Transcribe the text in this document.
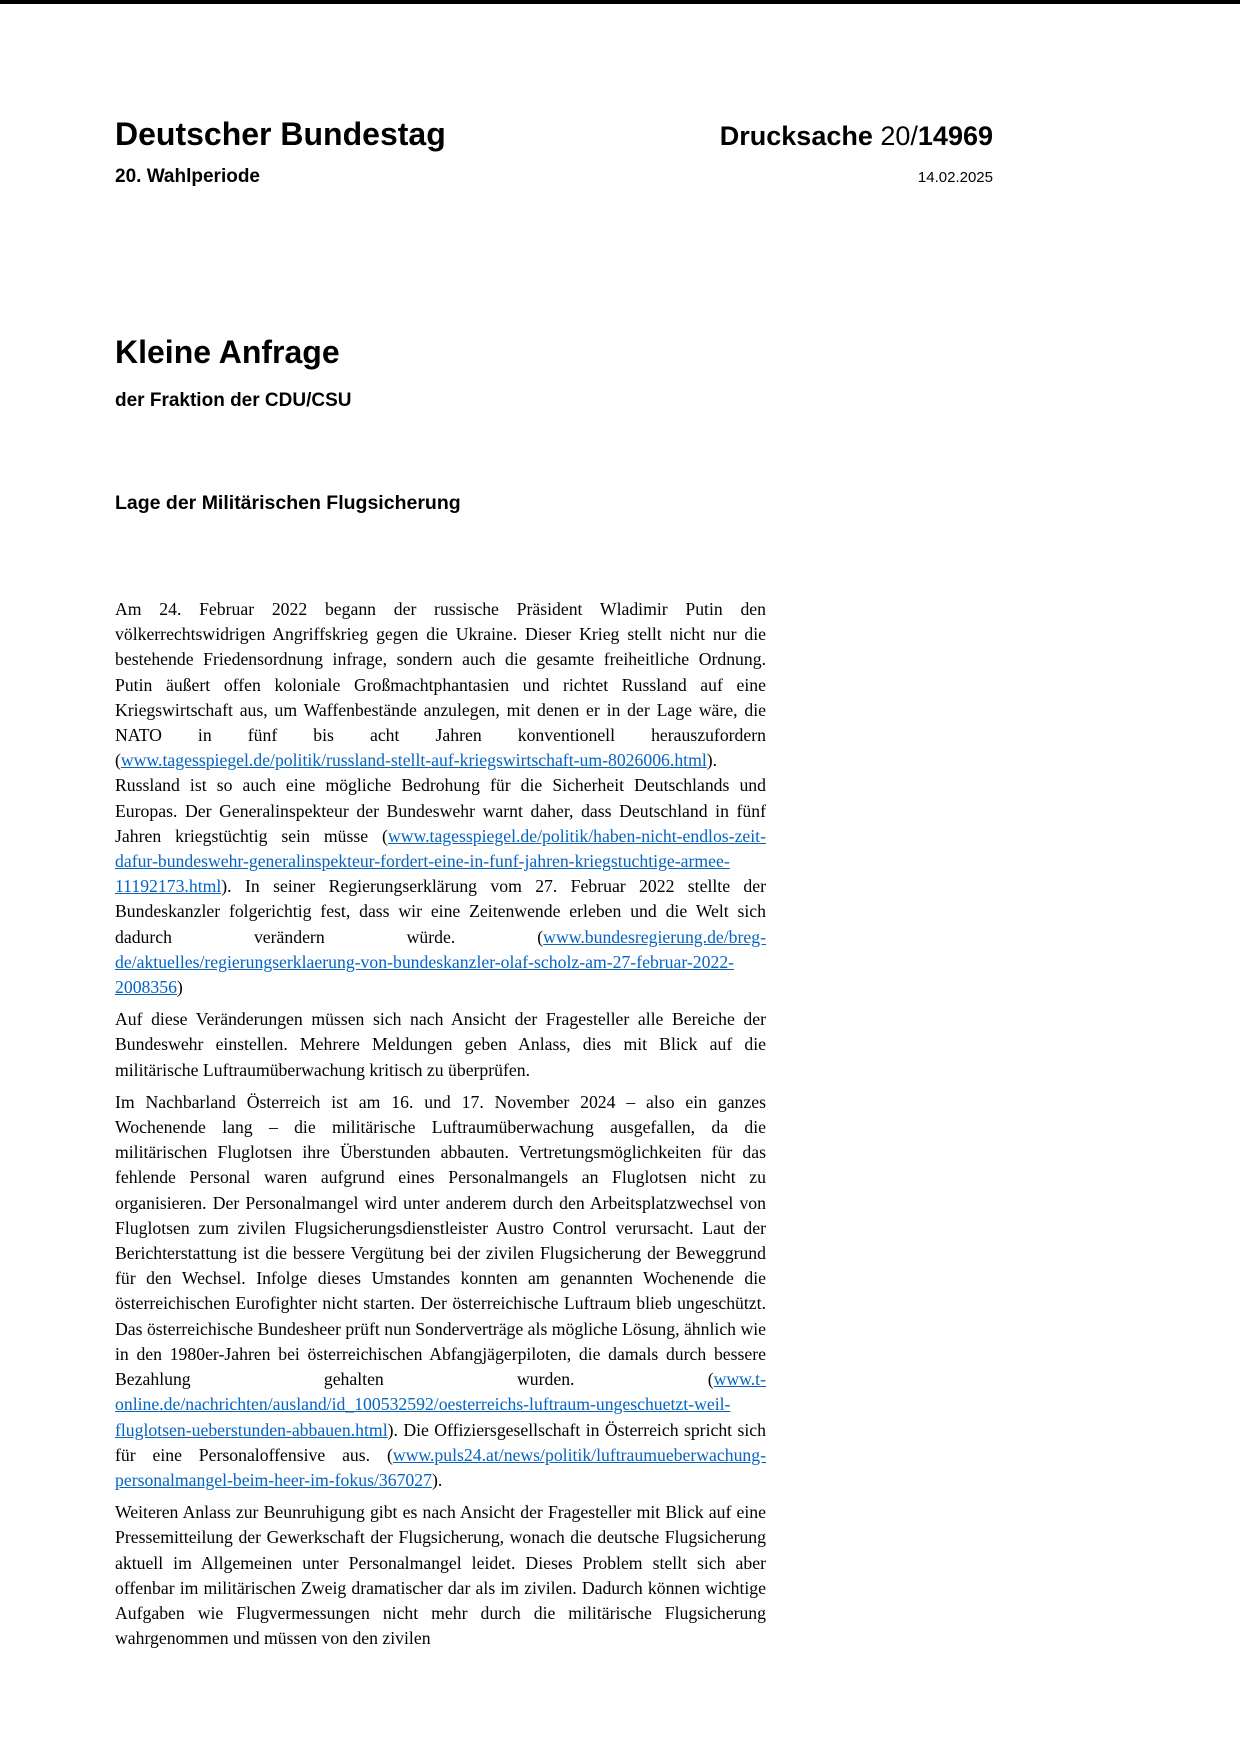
Deutscher Bundestag	Drucksache 20/14969
20. Wahlperiode	14.02.2025
Kleine Anfrage
der Fraktion der CDU/CSU
Lage der Militärischen Flugsicherung

Am 24. Februar 2022 begann der russische Präsident Wladimir Putin den völkerrechtswidrigen Angriffskrieg gegen die Ukraine. Dieser Krieg stellt nicht nur die bestehende Friedensordnung infrage, sondern auch die gesamte freiheitliche Ordnung. Putin äußert offen koloniale Großmachtphantasien und richtet Russland auf eine Kriegswirtschaft aus, um Waffenbestände anzulegen, mit denen er in der Lage wäre, die NATO in fünf bis acht Jahren konventionell herauszufordern (www.tagesspiegel.de/politik/russland-stellt-auf-kriegswirtschaft-um-8026006.html). Russland ist so auch eine mögliche Bedrohung für die Sicherheit Deutschlands und Europas. Der Generalinspekteur der Bundeswehr warnt daher, dass Deutschland in fünf Jahren kriegstüchtig sein müsse (www.tagesspiegel.de/politik/haben-nicht-endlos-zeit-dafur-bundeswehr-generalinspekteur-fordert-eine-in-funf-jahren-kriegstuchtige-armee-11192173.html). In seiner Regierungserklärung vom 27. Februar 2022 stellte der Bundeskanzler folgerichtig fest, dass wir eine Zeitenwende erleben und die Welt sich dadurch verändern würde. (www.bundesregierung.de/breg-de/aktuelles/regierungserklaerung-von-bundeskanzler-olaf-scholz-am-27-februar-2022-2008356)

Auf diese Veränderungen müssen sich nach Ansicht der Fragesteller alle Bereiche der Bundeswehr einstellen. Mehrere Meldungen geben Anlass, dies mit Blick auf die militärische Luftraumüberwachung kritisch zu überprüfen.

Im Nachbarland Österreich ist am 16. und 17. November 2024 – also ein ganzes Wochenende lang – die militärische Luftraumüberwachung ausgefallen, da die militärischen Fluglotsen ihre Überstunden abbauten. Vertretungsmöglichkeiten für das fehlende Personal waren aufgrund eines Personalmangels an Fluglotsen nicht zu organisieren. Der Personalmangel wird unter anderem durch den Arbeitsplatzwechsel von Fluglotsen zum zivilen Flugsicherungsdienstleister Austro Control verursacht. Laut der Berichterstattung ist die bessere Vergütung bei der zivilen Flugsicherung der Beweggrund für den Wechsel. Infolge dieses Umstandes konnten am genannten Wochenende die österreichischen Eurofighter nicht starten. Der österreichische Luftraum blieb ungeschützt. Das österreichische Bundesheer prüft nun Sonderverträge als mögliche Lösung, ähnlich wie in den 1980er-Jahren bei österreichischen Abfangjägerpiloten, die damals durch bessere Bezahlung gehalten wurden. (www.t-online.de/nachrichten/ausland/id_100532592/oesterreichs-luftraum-ungeschuetzt-weil-fluglotsen-ueberstunden-abbauen.html). Die Offiziersgesellschaft in Österreich spricht sich für eine Personaloffensive aus. (www.puls24.at/news/politik/luftraumueberwachung-personalmangel-beim-heer-im-fokus/367027).

Weiteren Anlass zur Beunruhigung gibt es nach Ansicht der Fragesteller mit Blick auf eine Pressemitteilung der Gewerkschaft der Flugsicherung, wonach die deutsche Flugsicherung aktuell im Allgemeinen unter Personalmangel leidet. Dieses Problem stellt sich aber offenbar im militärischen Zweig dramatischer dar als im zivilen. Dadurch können wichtige Aufgaben wie Flugvermessungen nicht mehr durch die militärische Flugsicherung wahrgenommen und müssen von den zivilen
